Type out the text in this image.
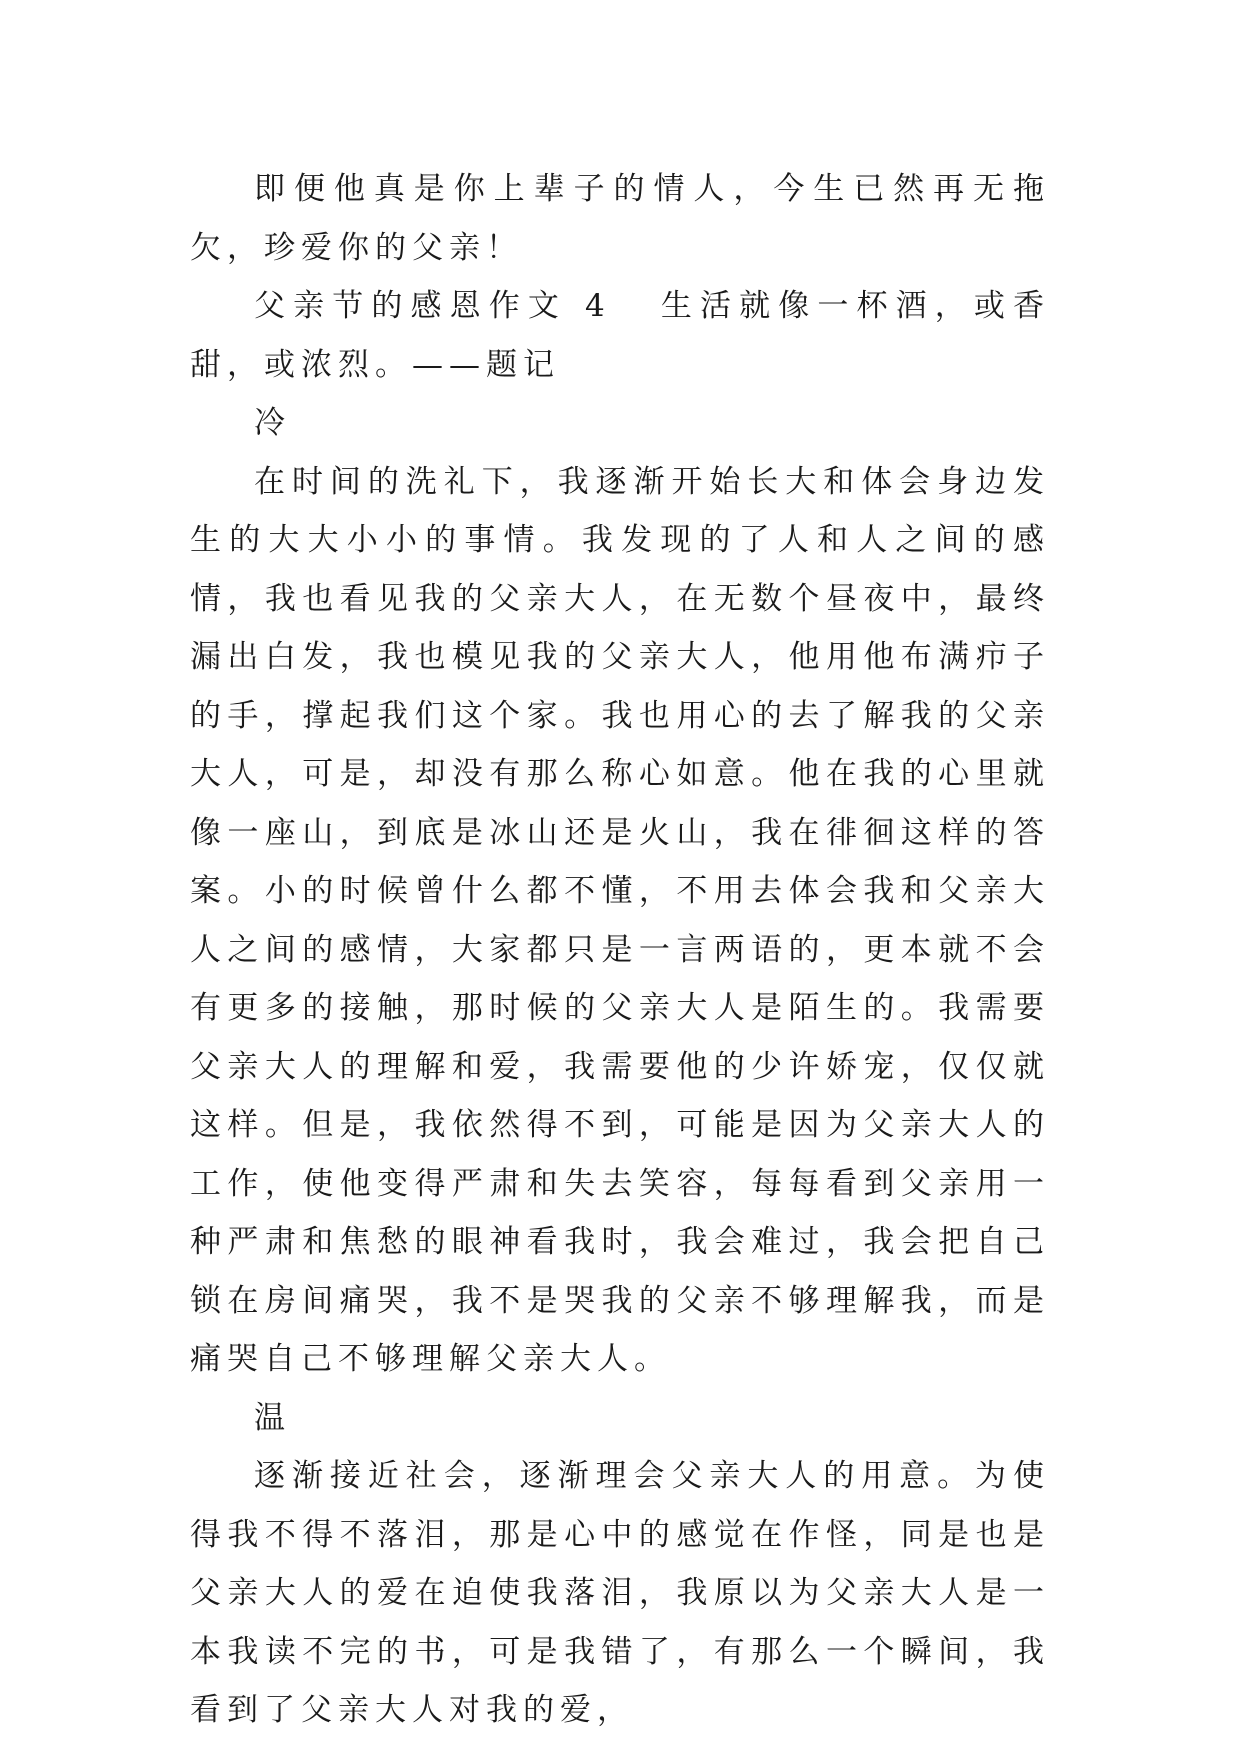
即便他真是你上辈子的情人，今生已然再无拖欠，珍爱你的父亲！

父亲节的感恩作文 4 生活就像一杯酒，或香甜，或浓烈。——题记

冷

在时间的洗礼下，我逐渐开始长大和体会身边发生的大大小小的事情。我发现的了人和人之间的感情，我也看见我的父亲大人，在无数个昼夜中，最终漏出白发，我也模见我的父亲大人，他用他布满疖子的手，撑起我们这个家。我也用心的去了解我的父亲大人，可是，却没有那么称心如意。他在我的心里就像一座山，到底是冰山还是火山，我在徘徊这样的答案。小的时候曾什么都不懂，不用去体会我和父亲大人之间的感情，大家都只是一言两语的，更本就不会有更多的接触，那时候的父亲大人是陌生的。我需要父亲大人的理解和爱，我需要他的少许娇宠，仅仅就这样。但是，我依然得不到，可能是因为父亲大人的工作，使他变得严肃和失去笑容，每每看到父亲用一种严肃和焦愁的眼神看我时，我会难过，我会把自己锁在房间痛哭，我不是哭我的父亲不够理解我，而是痛哭自己不够理解父亲大人。

温

逐渐接近社会，逐渐理会父亲大人的用意。为使得我不得不落泪，那是心中的感觉在作怪，同是也是父亲大人的爱在迫使我落泪，我原以为父亲大人是一本我读不完的书，可是我错了，有那么一个瞬间，我看到了父亲大人对我的爱，
